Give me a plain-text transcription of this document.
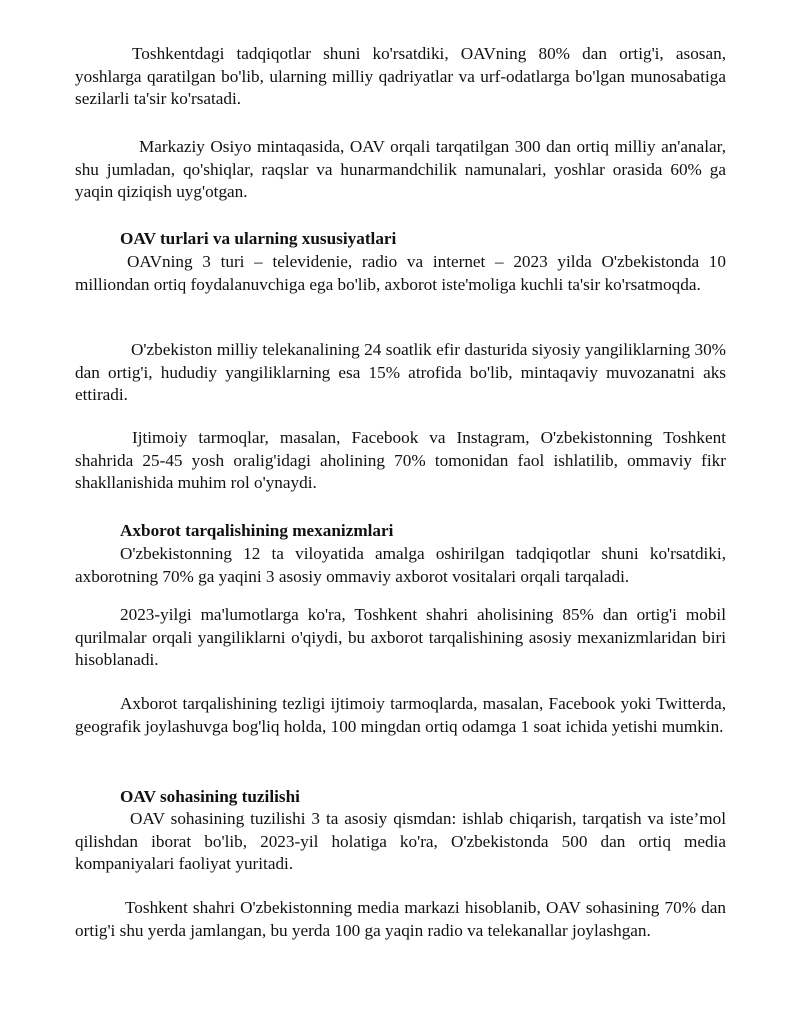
Toshkentdagi tadqiqotlar shuni ko'rsatdiki, OAVning 80% dan ortig'i, asosan, yoshlarga qaratilgan bo'lib, ularning milliy qadriyatlar va urf-odatlarga bo'lgan munosabatiga sezilarli ta'sir ko'rsatadi.

Markaziy Osiyo mintaqasida, OAV orqali tarqatilgan 300 dan ortiq milliy an'analar, shu jumladan, qo'shiqlar, raqslar va hunarmandchilik namunalari, yoshlar orasida 60% ga yaqin qiziqish uyg'otgan.

OAV turlari va ularning xususiyatlari

OAVning 3 turi – televidenie, radio va internet – 2023 yilda O'zbekistonda 10 milliondan ortiq foydalanuvchiga ega bo'lib, axborot iste'moliga kuchli ta'sir ko'rsatmoqda.

O'zbekiston milliy telekanalining 24 soatlik efir dasturida siyosiy yangiliklarning 30% dan ortig'i, hududiy yangiliklarning esa 15% atrofida bo'lib, mintaqaviy muvozanatni aks ettiradi.

Ijtimoiy tarmoqlar, masalan, Facebook va Instagram, O'zbekistonning Toshkent shahrida 25-45 yosh oralig'idagi aholining 70% tomonidan faol ishlatilib, ommaviy fikr shakllanishida muhim rol o'ynaydi.

Axborot tarqalishining mexanizmlari

O'zbekistonning 12 ta viloyatida amalga oshirilgan tadqiqotlar shuni ko'rsatdiki, axborotning 70% ga yaqini 3 asosiy ommaviy axborot vositalari orqali tarqaladi.

2023-yilgi ma'lumotlarga ko'ra, Toshkent shahri aholisining 85% dan ortig'i mobil qurilmalar orqali yangiliklarni o'qiydi, bu axborot tarqalishining asosiy mexanizmlaridan biri hisoblanadi.

Axborot tarqalishining tezligi ijtimoiy tarmoqlarda, masalan, Facebook yoki Twitterda, geografik joylashuvga bog'liq holda, 100 mingdan ortiq odamga 1 soat ichida yetishi mumkin.

OAV sohasining tuzilishi

OAV sohasining tuzilishi 3 ta asosiy qismdan: ishlab chiqarish, tarqatish va iste’mol qilishdan iborat bo'lib, 2023-yil holatiga ko'ra, O'zbekistonda 500 dan ortiq media kompaniyalari faoliyat yuritadi.

Toshkent shahri O'zbekistonning media markazi hisoblanib, OAV sohasining 70% dan ortig'i shu yerda jamlangan, bu yerda 100 ga yaqin radio va telekanallar joylashgan.
